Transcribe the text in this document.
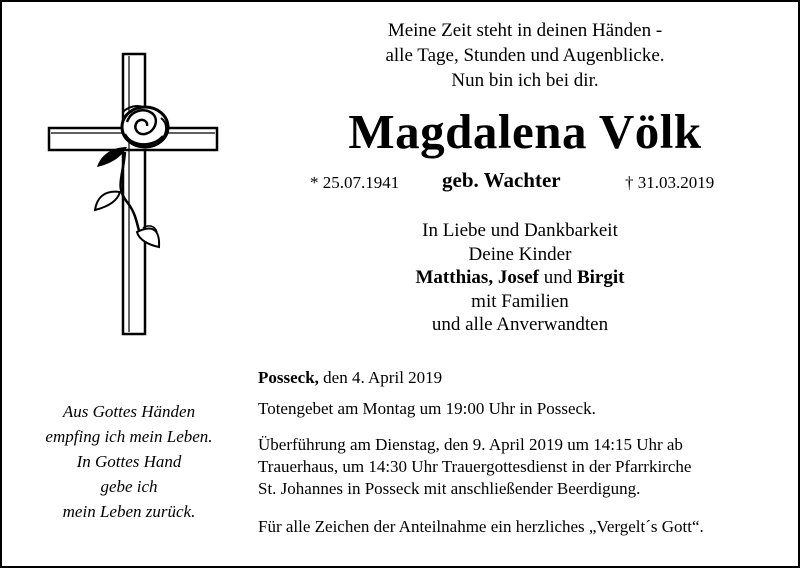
Meine Zeit steht in deinen Händen -
alle Tage, Stunden und Augenblicke.
Nun bin ich bei dir.
Magdalena Völk
* 25.07.1941 geb. Wachter	† 31.03.2019
In Liebe und Dankbarkeit
Deine Kinder
Matthias, Josef und Birgit
mit Familien
und alle Anverwandten
Posseck, den 4. April 2019
Totengebet am Montag um 19:00 Uhr in Posseck.
Überführung am Dienstag, den 9. April 2019 um 14:15 Uhr ab
Trauerhaus, um 14:30 Uhr Trauergottesdienst in der Pfarrkirche
St. Johannes in Posseck mit anschließender Beerdigung.
Für alle Zeichen der Anteilnahme ein herzliches „Vergelt´s Gott“.
Aus Gottes Händen
empfing ich mein Leben.
In Gottes Hand
gebe ich
mein Leben zurück.
